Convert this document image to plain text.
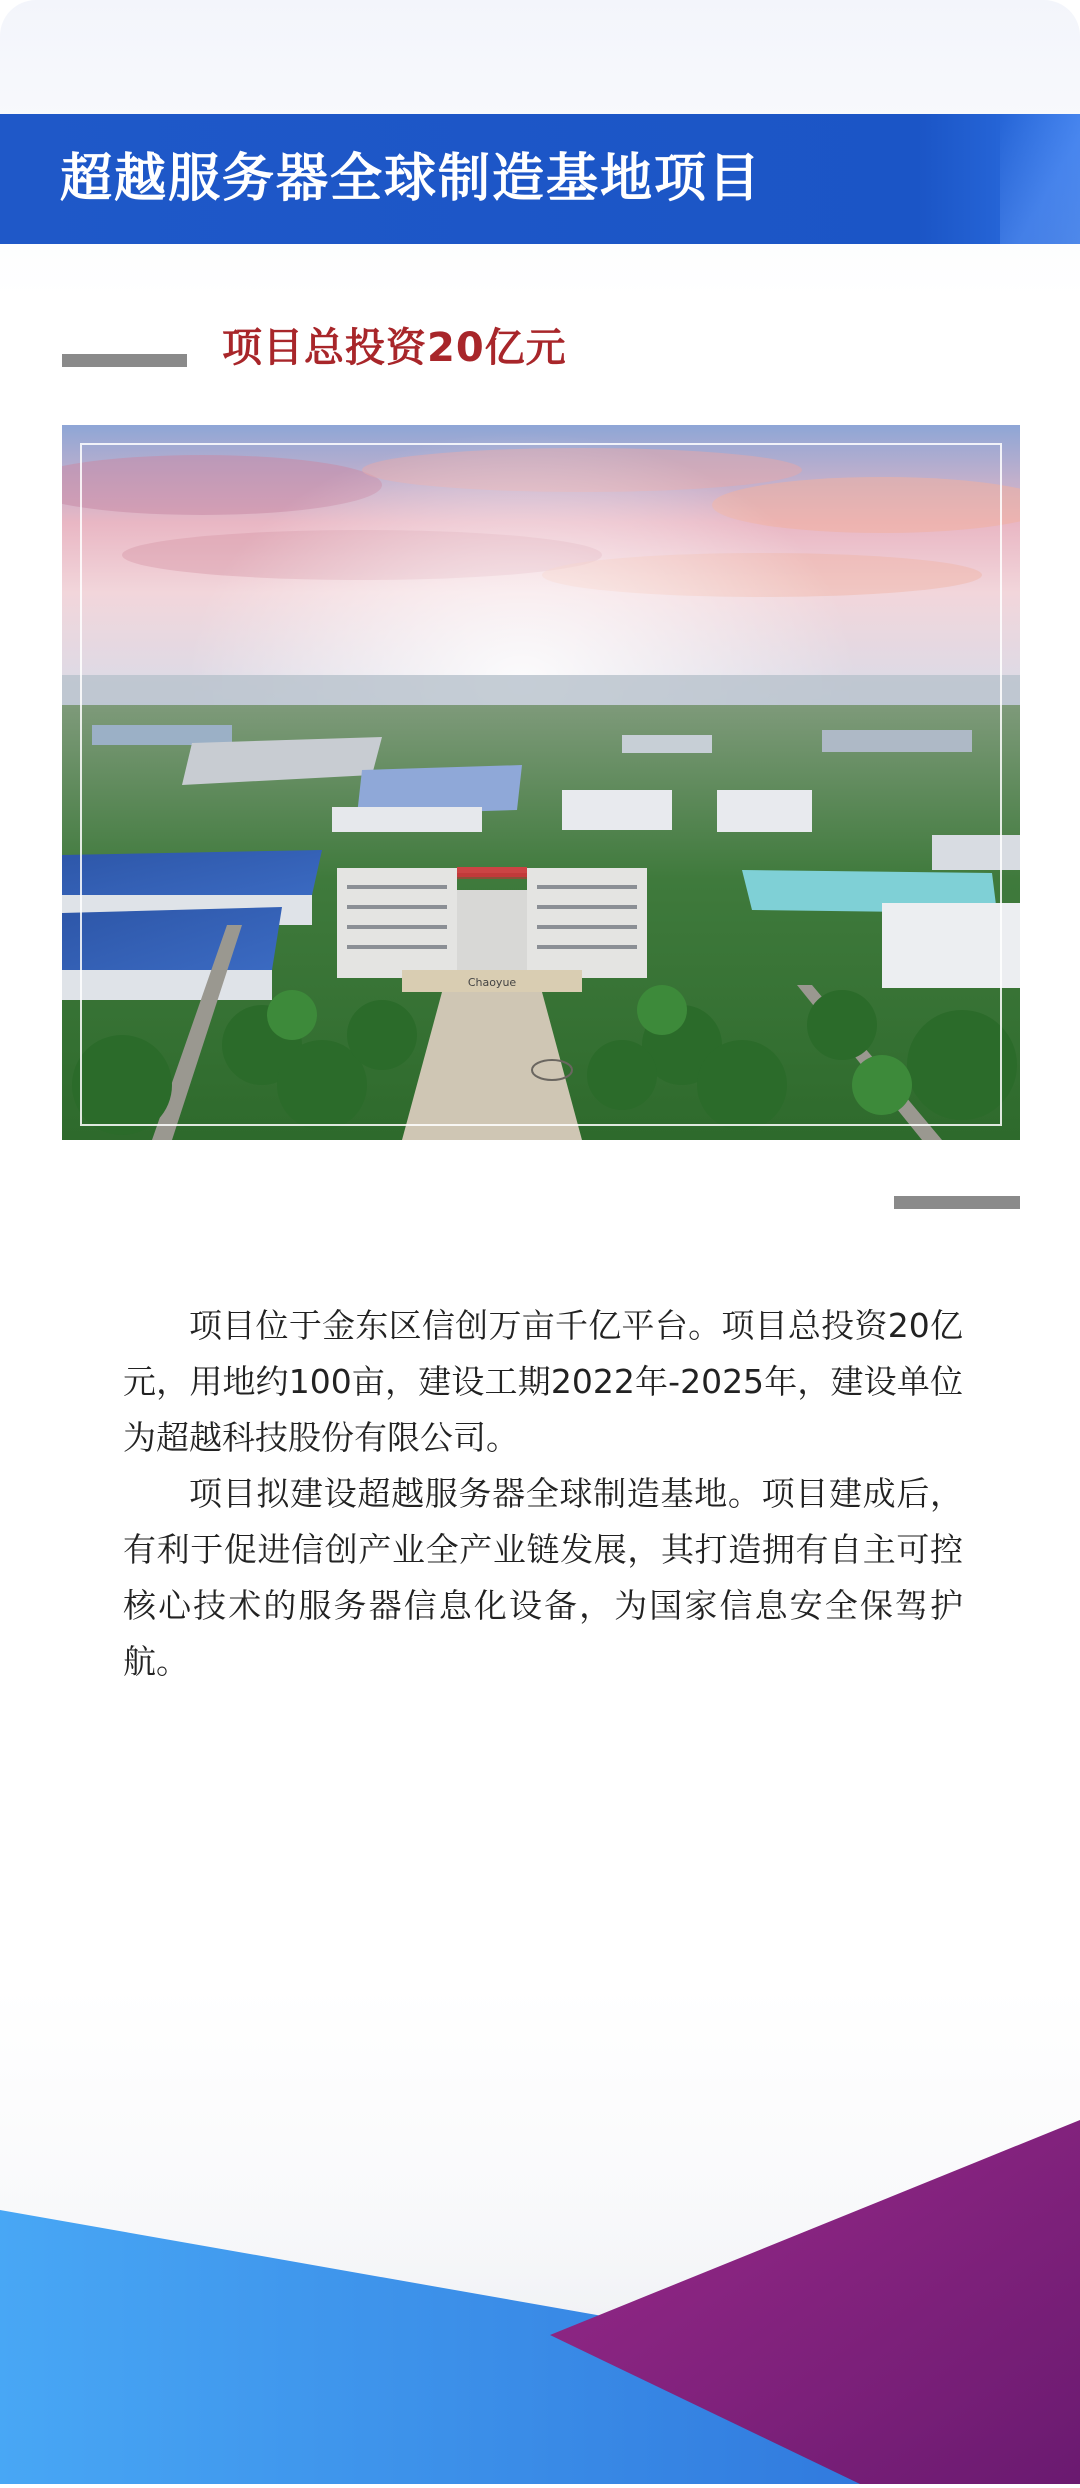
超越服务器全球制造基地项目
项目总投资20亿元
Chaoyue

项目位于金东区信创万亩千亿平台。项目总投资20亿元，用地约100亩，建设工期2022年-2025年，建设单位为超越科技股份有限公司。

项目拟建设超越服务器全球制造基地。项目建成后，有利于促进信创产业全产业链发展，其打造拥有自主可控核心技术的服务器信息化设备，为国家信息安全保驾护航。
